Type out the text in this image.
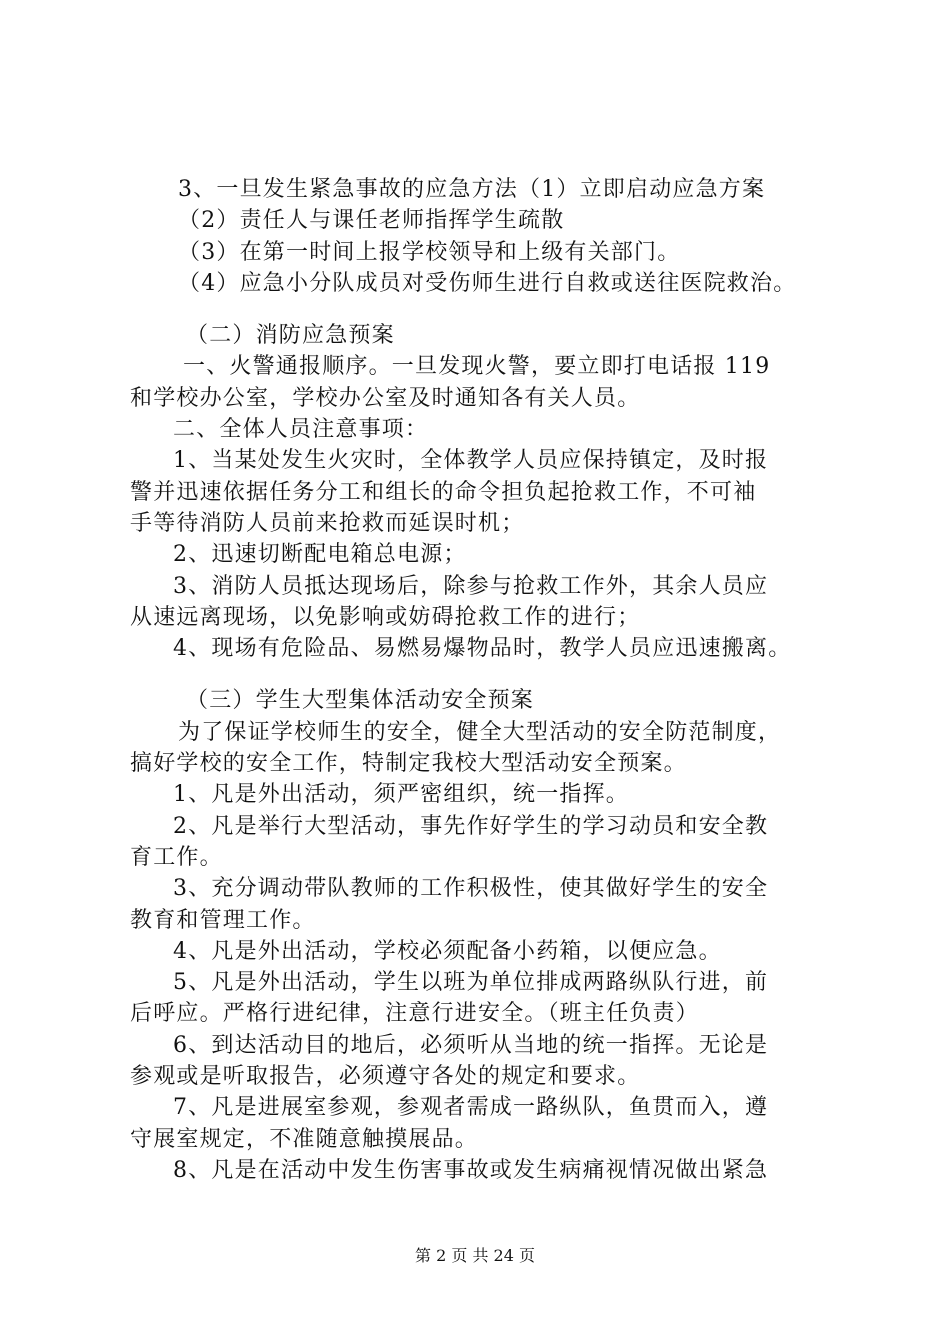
3、一旦发生紧急事故的应急方法（1）立即启动应急方案
（2）责任人与课任老师指挥学生疏散
（3）在第一时间上报学校领导和上级有关部门。
（4）应急小分队成员对受伤师生进行自救或送往医院救治。
（二）消防应急预案
一、火警通报顺序。一旦发现火警，要立即打电话报 119
和学校办公室，学校办公室及时通知各有关人员。
二、全体人员注意事项：
1、当某处发生火灾时，全体教学人员应保持镇定，及时报
警并迅速依据任务分工和组长的命令担负起抢救工作，不可袖
手等待消防人员前来抢救而延误时机；
2、迅速切断配电箱总电源；
3、消防人员抵达现场后，除参与抢救工作外，其余人员应
从速远离现场，以免影响或妨碍抢救工作的进行；
4、现场有危险品、易燃易爆物品时，教学人员应迅速搬离。
（三）学生大型集体活动安全预案
为了保证学校师生的安全，健全大型活动的安全防范制度，
搞好学校的安全工作，特制定我校大型活动安全预案。
1、凡是外出活动，须严密组织，统一指挥。
2、凡是举行大型活动，事先作好学生的学习动员和安全教
育工作。
3、充分调动带队教师的工作积极性，使其做好学生的安全
教育和管理工作。
4、凡是外出活动，学校必须配备小药箱，以便应急。
5、凡是外出活动，学生以班为单位排成两路纵队行进，前
后呼应。严格行进纪律，注意行进安全。（班主任负责）
6、到达活动目的地后，必须听从当地的统一指挥。无论是
参观或是听取报告，必须遵守各处的规定和要求。
7、凡是进展室参观，参观者需成一路纵队，鱼贯而入，遵
守展室规定，不准随意触摸展品。
8、凡是在活动中发生伤害事故或发生病痛视情况做出紧急
第 2 页 共 24 页
